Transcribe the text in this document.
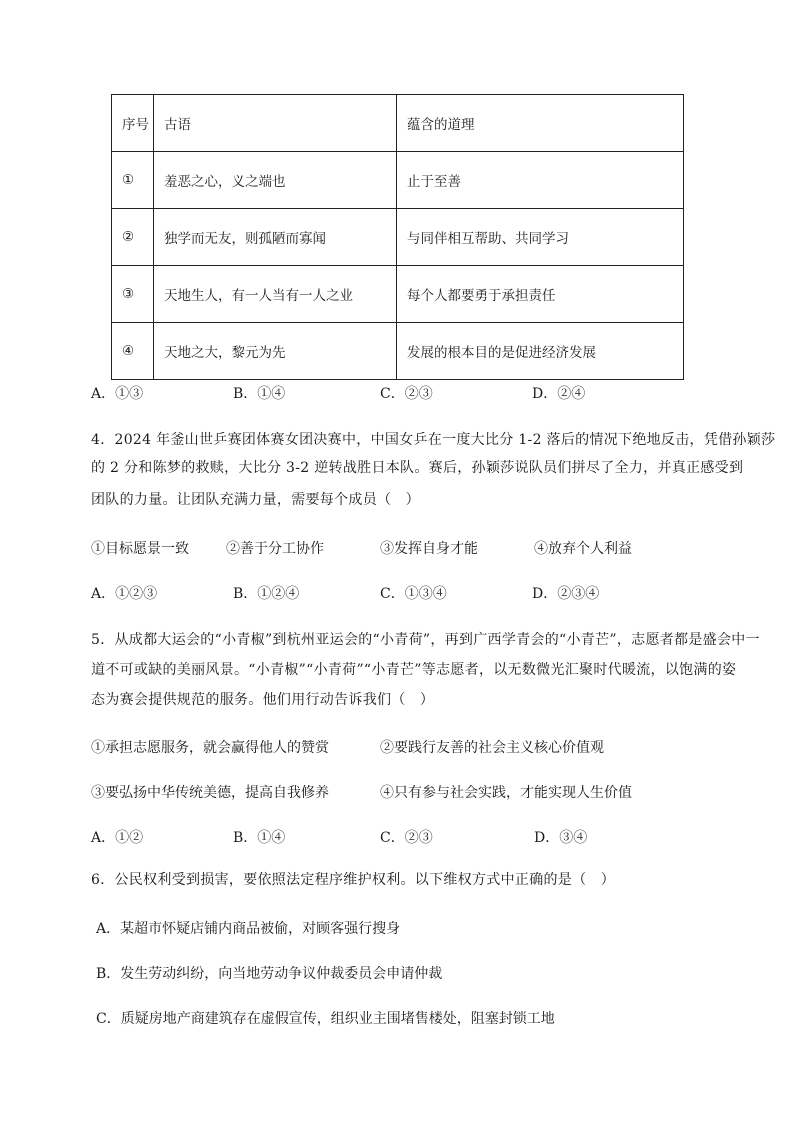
序号	古语	蕴含的道理
①	羞恶之心，义之端也	止于至善
②	独学而无友，则孤陋而寡闻	与同伴相互帮助、共同学习
③	天地生人，有一人当有一人之业	每个人都要勇于承担责任
④	天地之大，黎元为先	发展的根本目的是促进经济发展
A．①③	B．①④	C．②③	D．②④
4．2024 年釜山世乒赛团体赛女团决赛中，中国女乒在一度大比分 1-2 落后的情况下绝地反击，凭借孙颖莎
的 2 分和陈梦的救赎，大比分 3-2 逆转战胜日本队。赛后，孙颖莎说队员们拼尽了全力，并真正感受到
团队的力量。让团队充满力量，需要每个成员（　）
①目标愿景一致	②善于分工协作	③发挥自身才能	④放弃个人利益
A．①②③	B．①②④	C．①③④	D．②③④
5．从成都大运会的“小青椒”到杭州亚运会的“小青荷”，再到广西学青会的“小青芒”，志愿者都是盛会中一
道不可或缺的美丽风景。“小青椒”“小青荷”“小青芒”等志愿者，以无数微光汇聚时代暖流，以饱满的姿
态为赛会提供规范的服务。他们用行动告诉我们（　）
①承担志愿服务，就会赢得他人的赞赏	②要践行友善的社会主义核心价值观
③要弘扬中华传统美德，提高自我修养	④只有参与社会实践，才能实现人生价值
A．①②	B．①④	C．②③	D．③④
6．公民权利受到损害，要依照法定程序维护权利。以下维权方式中正确的是（　）
A．某超市怀疑店铺内商品被偷，对顾客强行搜身
B．发生劳动纠纷，向当地劳动争议仲裁委员会申请仲裁
C．质疑房地产商建筑存在虚假宣传，组织业主围堵售楼处，阻塞封锁工地
